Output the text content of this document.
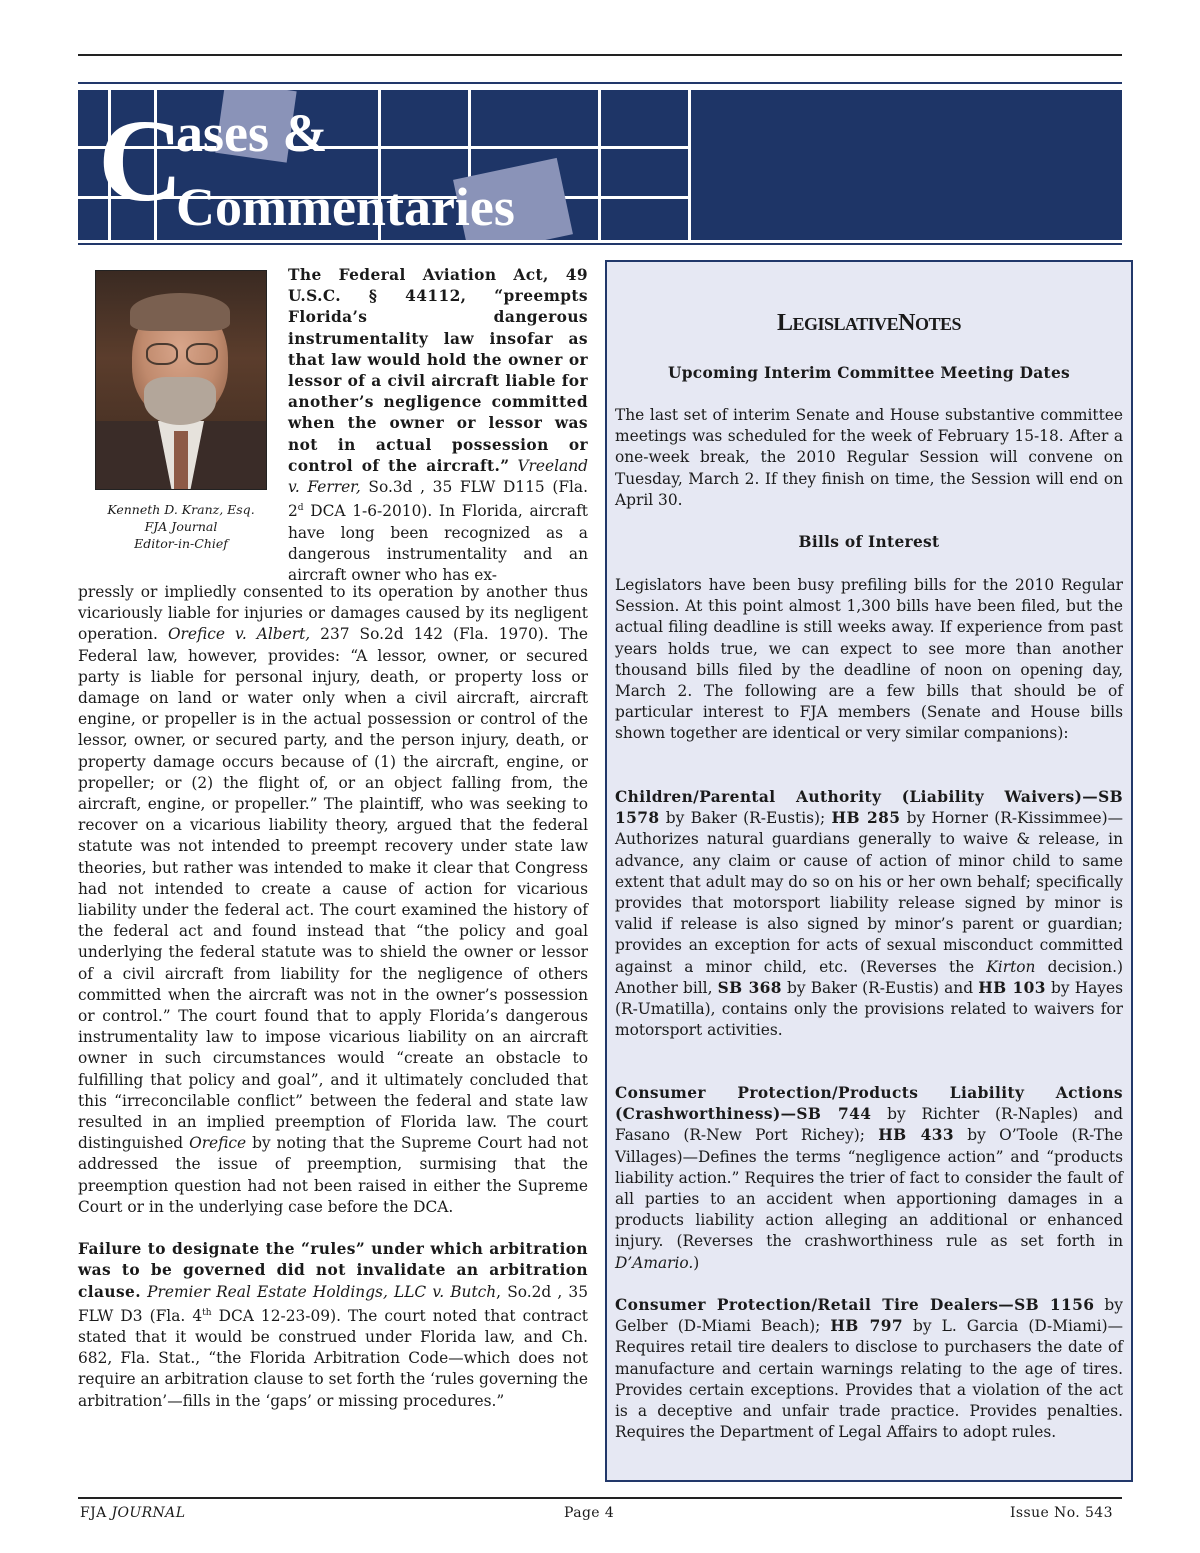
C
ases &
Commentaries
Kenneth D. Kranz, Esq.
FJA Journal
Editor-in-Chief

The Federal Aviation Act, 49 U.S.C. § 44112, “preempts Florida’s dangerous instrumentality law insofar as that law would hold the owner or lessor of a civil aircraft liable for another’s negligence committed when the owner or lessor was not in actual possession or control of the aircraft.” Vreeland v. Ferrer, So.3d , 35 FLW D115 (Fla. 2$^d$ DCA 1-6-2010). In Florida, aircraft have long been recognized as a dangerous instrumentality and an aircraft owner who has ex-

pressly or impliedly consented to its operation by another thus vicariously liable for injuries or damages caused by its negligent operation. Orefice v. Albert, 237 So.2d 142 (Fla. 1970). The Federal law, however, provides: “A lessor, owner, or secured party is liable for personal injury, death, or property loss or damage on land or water only when a civil aircraft, aircraft engine, or propeller is in the actual possession or control of the lessor, owner, or secured party, and the person injury, death, or property damage occurs because of (1) the aircraft, engine, or propeller; or (2) the flight of, or an object falling from, the aircraft, engine, or propeller.” The plaintiff, who was seeking to recover on a vicarious liability theory, argued that the federal statute was not intended to preempt recovery under state law theories, but rather was intended to make it clear that Congress had not intended to create a cause of action for vicarious liability under the federal act. The court examined the history of the federal act and found instead that “the policy and goal underlying the federal statute was to shield the owner or lessor of a civil aircraft from liability for the negligence of others committed when the aircraft was not in the owner’s possession or control.” The court found that to apply Florida’s dangerous instrumentality law to impose vicarious liability on an aircraft owner in such circumstances would “create an obstacle to fulfilling that policy and goal”, and it ultimately concluded that this “irreconcilable conflict” between the federal and state law resulted in an implied preemption of Florida law. The court distinguished Orefice by noting that the Supreme Court had not addressed the issue of preemption, surmising that the preemption question had not been raised in either the Supreme Court or in the underlying case before the DCA.

Failure to designate the “rules” under which arbitration was to be governed did not invalidate an arbitration clause. Premier Real Estate Holdings, LLC v. Butch, So.2d , 35 FLW D3 (Fla. 4th DCA 12-23-09). The court noted that contract stated that it would be construed under Florida law, and Ch. 682, Fla. Stat., “the Florida Arbitration Code—which does not require an arbitration clause to set forth the ‘rules governing the arbitration’—fills in the ‘gaps’ or missing procedures.”

LEGISLATIVENOTES
Upcoming Interim Committee Meeting Dates

The last set of interim Senate and House substantive committee meetings was scheduled for the week of February 15-18. After a one-week break, the 2010 Regular Session will convene on Tuesday, March 2. If they finish on time, the Session will end on April 30.

Bills of Interest

Legislators have been busy prefiling bills for the 2010 Regular Session. At this point almost 1,300 bills have been filed, but the actual filing deadline is still weeks away. If experience from past years holds true, we can expect to see more than another thousand bills filed by the deadline of noon on opening day, March 2. The following are a few bills that should be of particular interest to FJA members (Senate and House bills shown together are identical or very similar companions):

Children/Parental Authority (Liability Waivers)—SB 1578 by Baker (R-Eustis); HB 285 by Horner (R-Kissimmee)— Authorizes natural guardians generally to waive & release, in advance, any claim or cause of action of minor child to same extent that adult may do so on his or her own behalf; specifically provides that motorsport liability release signed by minor is valid if release is also signed by minor’s parent or guardian; provides an exception for acts of sexual misconduct committed against a minor child, etc. (Reverses the Kirton decision.) Another bill, SB 368 by Baker (R-Eustis) and HB 103 by Hayes (R-Umatilla), contains only the provisions related to waivers for motorsport activities.

Consumer Protection/Products Liability Actions (Crashworthiness)—SB 744 by Richter (R-Naples) and Fasano (R-New Port Richey); HB 433 by O’Toole (R-The Villages)—Defines the terms “negligence action” and “products liability action.” Requires the trier of fact to consider the fault of all parties to an accident when apportioning damages in a products liability action alleging an additional or enhanced injury. (Reverses the crashworthiness rule as set forth in D’Amario.)

Consumer Protection/Retail Tire Dealers—SB 1156 by Gelber (D-Miami Beach); HB 797 by L. Garcia (D-Miami)— Requires retail tire dealers to disclose to purchasers the date of manufacture and certain warnings relating to the age of tires. Provides certain exceptions. Provides that a violation of the act is a deceptive and unfair trade practice. Provides penalties. Requires the Department of Legal Affairs to adopt rules.

FJA JOURNAL	Page 4	Issue No. 543
